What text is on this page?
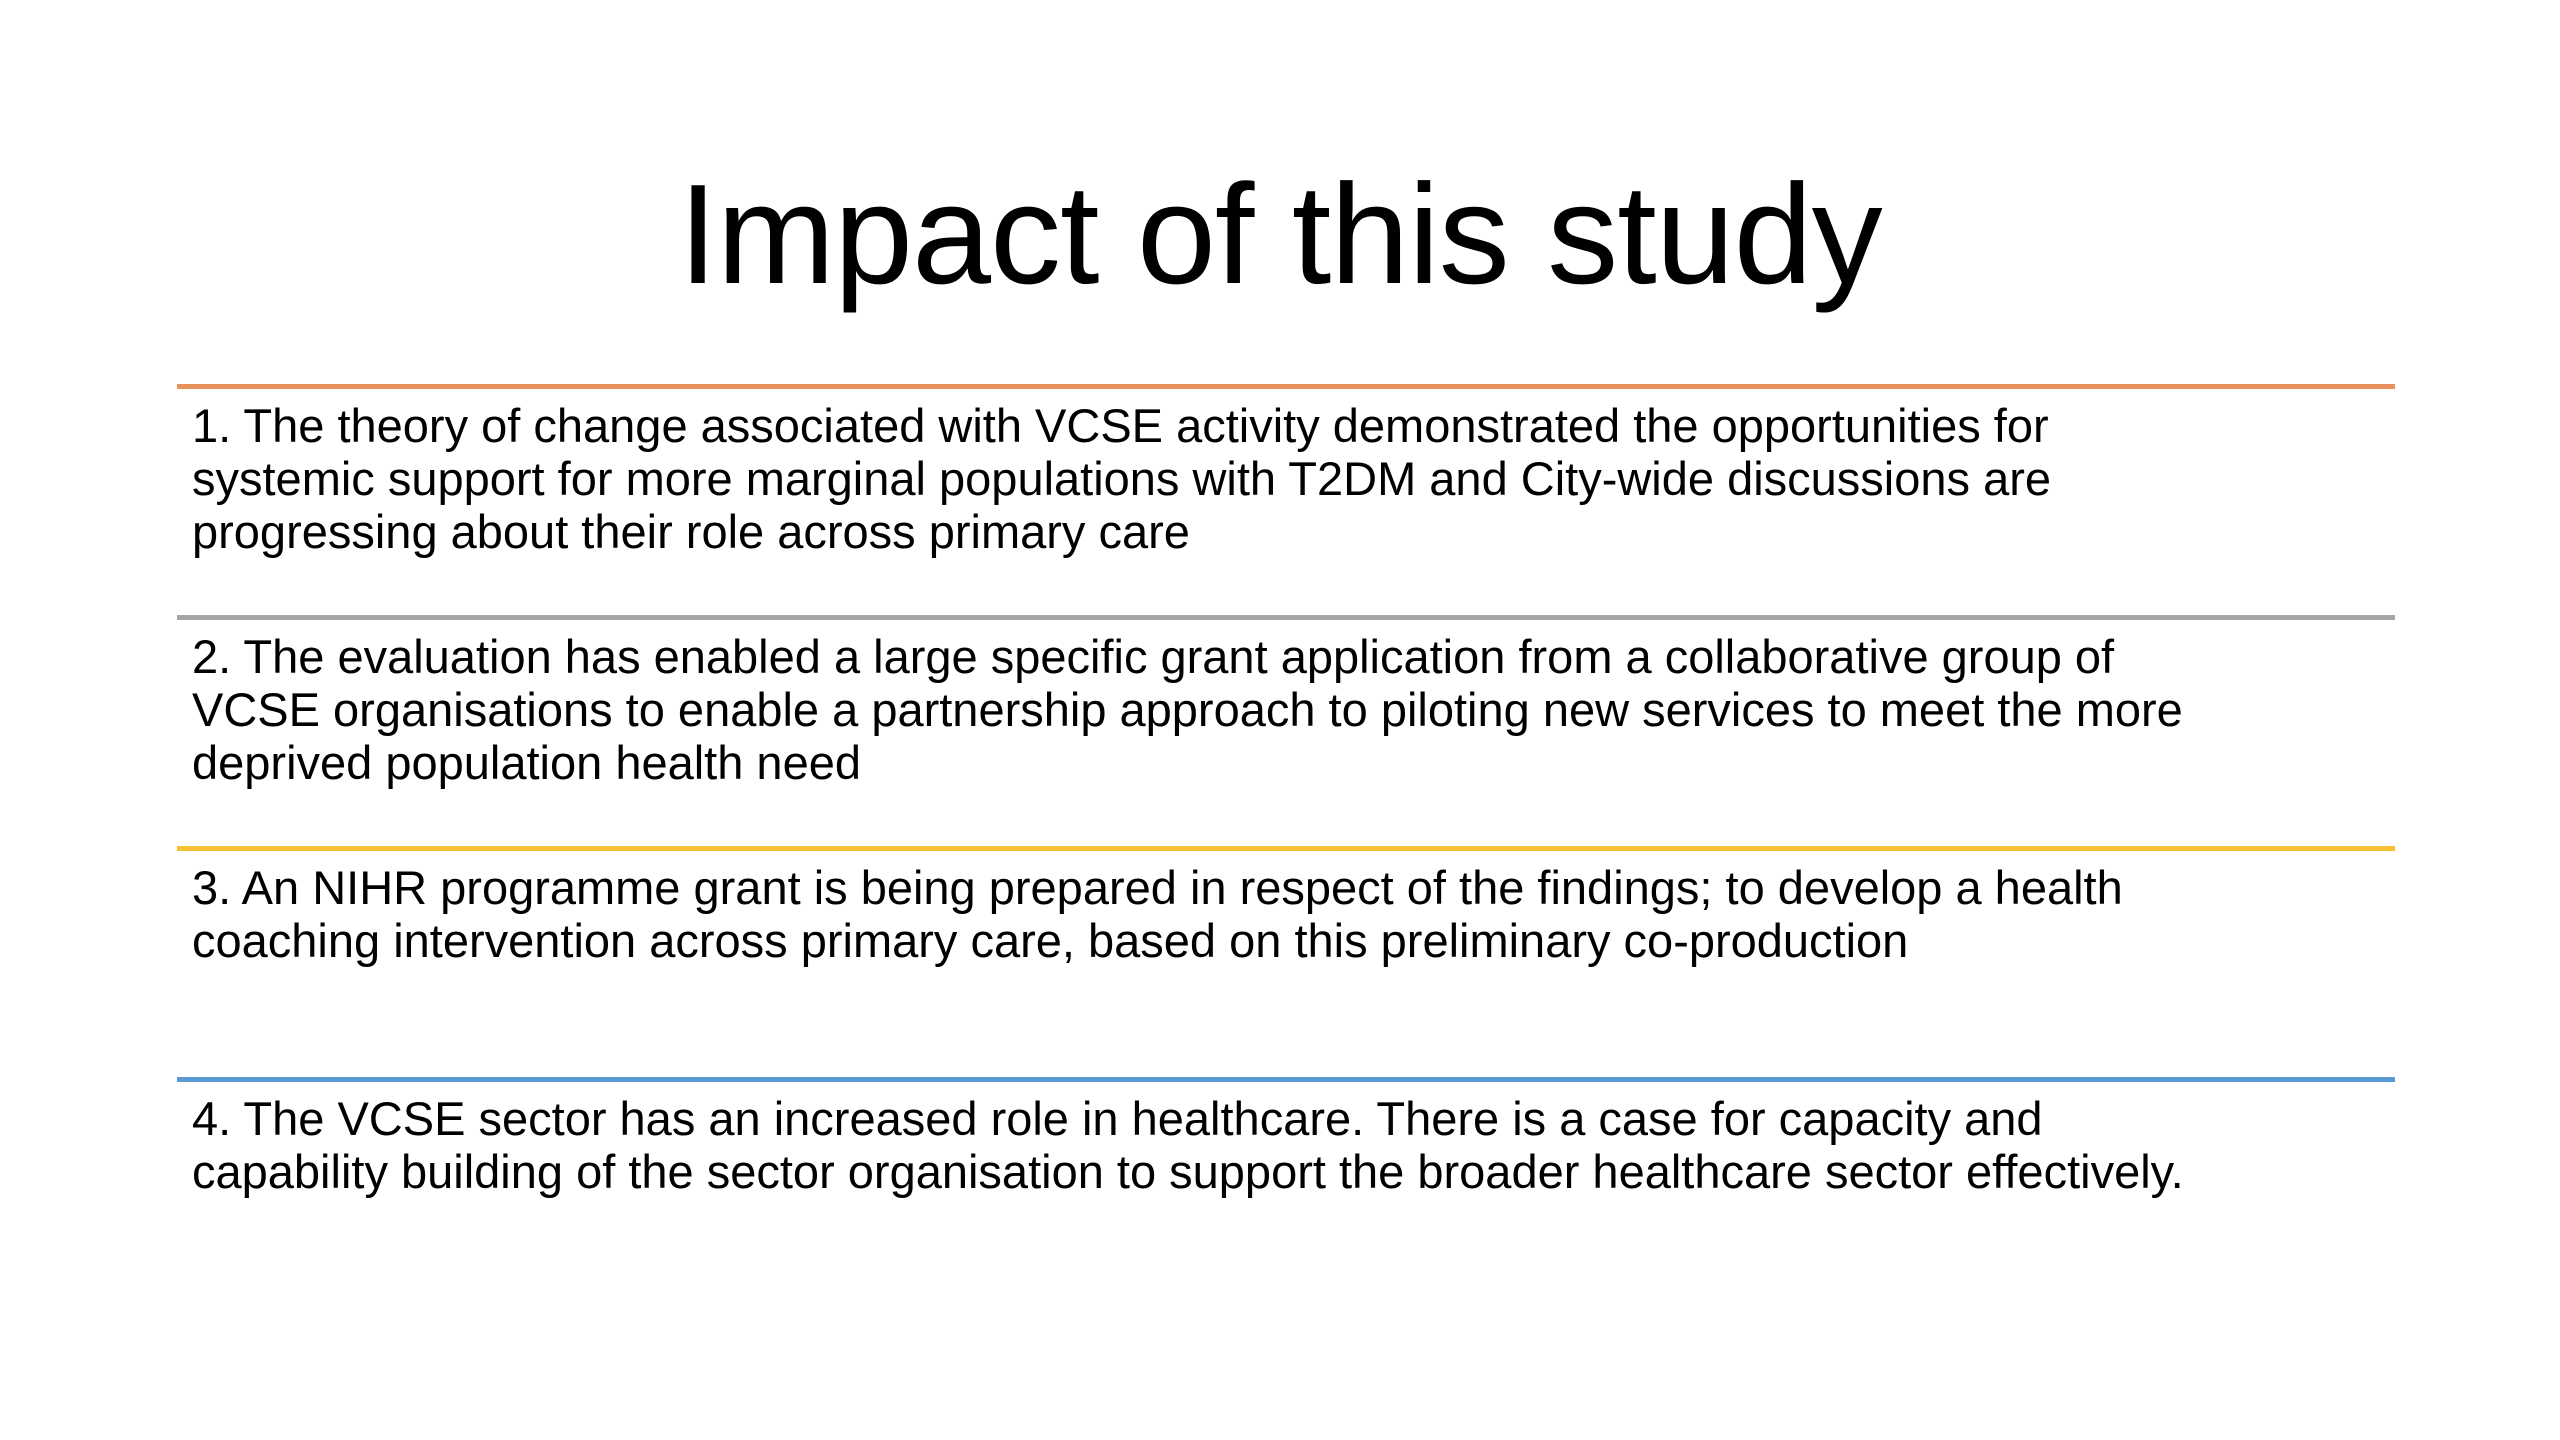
Impact of this study

1. The theory of change associated with VCSE activity demonstrated the opportunities for
systemic support for more marginal populations with T2DM and City-wide discussions are
progressing about their role across primary care

2. The evaluation has enabled a large specific grant application from a collaborative group of
VCSE organisations to enable a partnership approach to piloting new services to meet the more
deprived population health need

3. An NIHR programme grant is being prepared in respect of the findings; to develop a health
coaching intervention across primary care, based on this preliminary co-production

4. The VCSE sector has an increased role in healthcare. There is a case for capacity and
capability building of the sector organisation to support the broader healthcare sector effectively.
